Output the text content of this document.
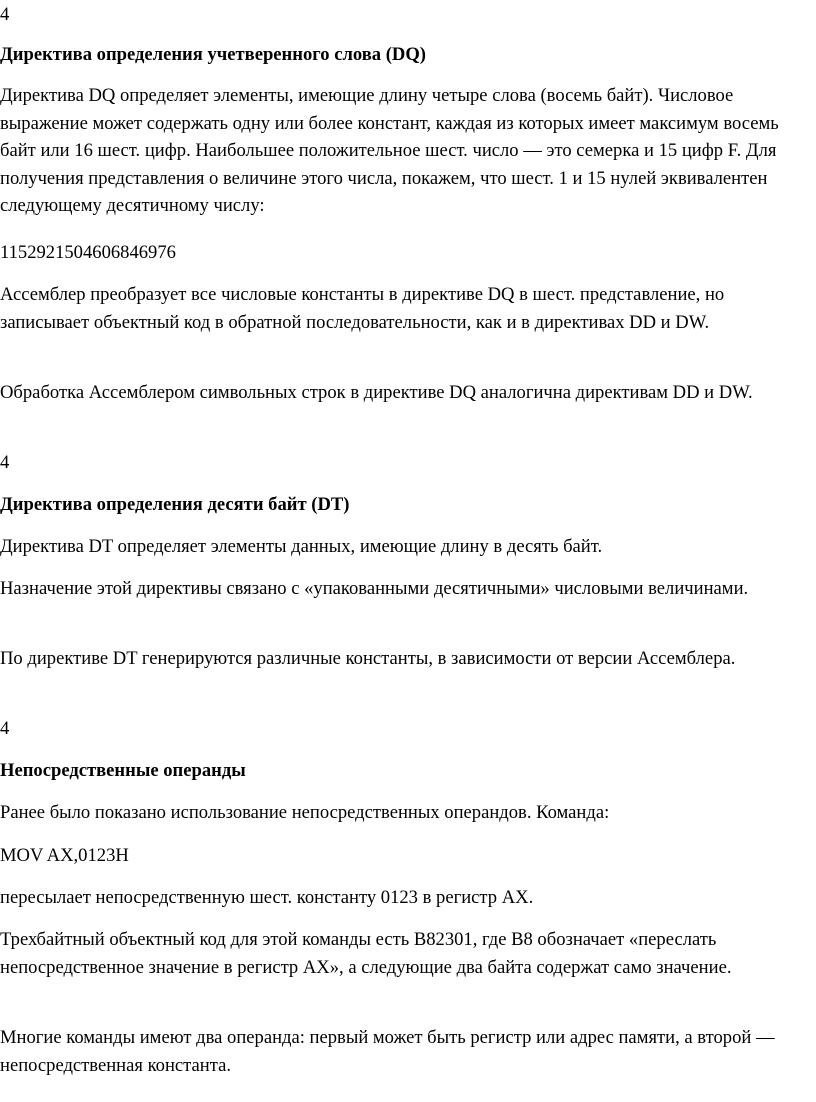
4

Директива определения учетверенного слова (DQ)

Директива DQ определяет элементы, имеющие длину четыре слова (восемь байт). Числовое выражение может содержать одну или более констант, каждая из которых имеет максимум восемь байт или 16 шест. цифр. Наибольшее положительное шест. число — это семерка и 15 цифр F. Для получения представления о величине этого числа, покажем, что шест. 1 и 15 нулей эквивалентен следующему десятичному числу:

1152921504606846976

Ассемблер преобразует все числовые константы в директиве DQ в шест. представление, но записывает объектный код в обратной последовательности, как и в директивах DD и DW.

Обработка Ассемблером символьных строк в директиве DQ аналогична директивам DD и DW.

4

Директива определения десяти байт (DT)

Директива DT определяет элементы данных, имеющие длину в десять байт.

Назначение этой директивы связано с «упакованными десятичными» числовыми величинами.

По директиве DT генерируются различные константы, в зависимости от версии Ассемблера.

4

Непосредственные операнды

Ранее было показано использование непосредственных операндов. Команда:

MOV AX,0123H

пересылает непосредственную шест. константу 0123 в регистр AX.

Трехбайтный объектный код для этой команды есть B82301, где B8 обозначает «переслать непосредственное значение в регистр AX», а следующие два байта содержат само значение.

Многие команды имеют два операнда: первый может быть регистр или адрес памяти, а второй — непосредственная константа.
